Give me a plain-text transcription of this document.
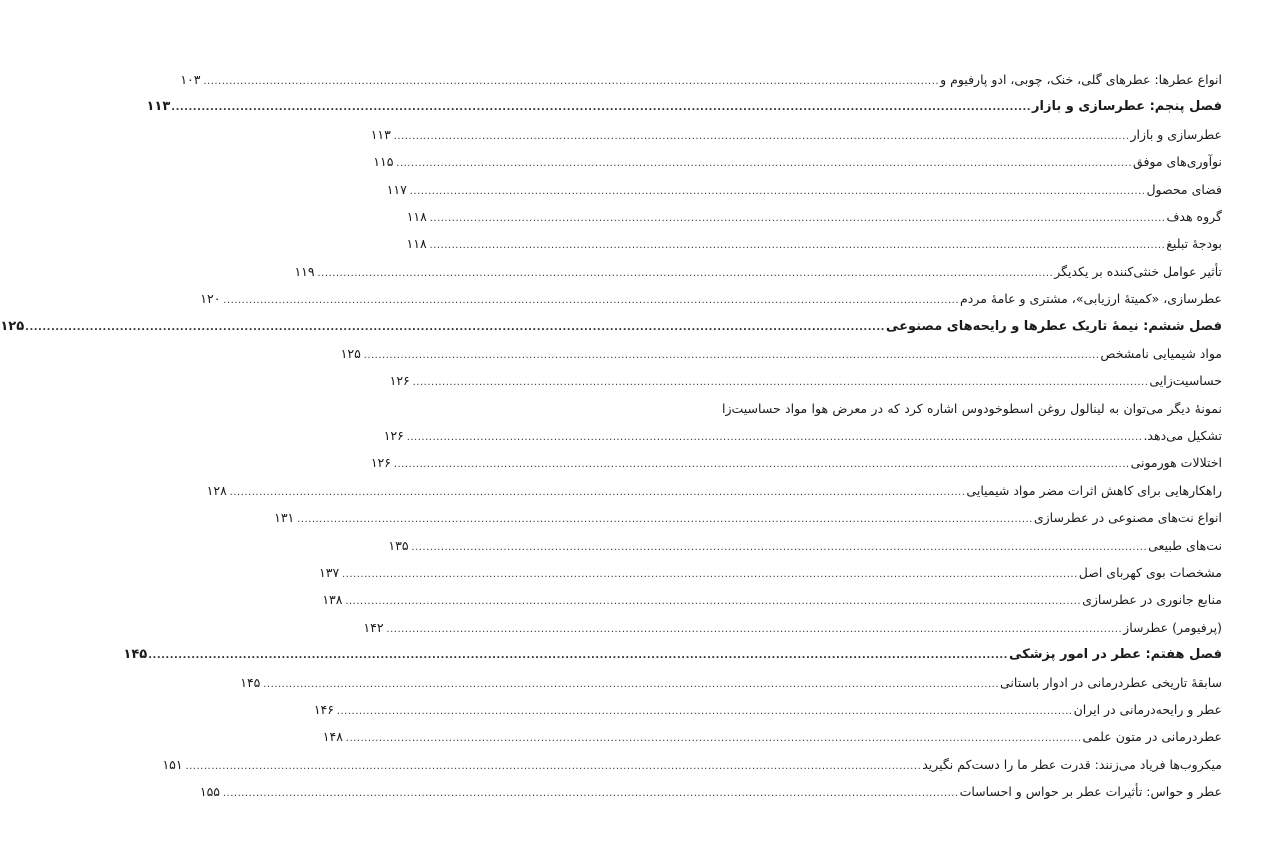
انواع عطرها: عطرهای گلی، خنک، چوبی، ادو پارفیوم و
........................................................................................................................................................................................................
۱۰۳
فصل پنجم: عطرسازی و بازار
........................................................................................................................................................................................................
۱۱۳
عطرسازی و بازار
........................................................................................................................................................................................................
۱۱۳
نوآوری‌های موفق
........................................................................................................................................................................................................
۱۱۵
فضای محصول
........................................................................................................................................................................................................
۱۱۷
گروه هدف
........................................................................................................................................................................................................
۱۱۸
بودجهٔ تبلیغ
........................................................................................................................................................................................................
۱۱۸
تأثیر عوامل خنثی‌کننده بر یکدیگر
........................................................................................................................................................................................................
۱۱۹
عطرسازی، «کمیتهٔ ارزیابی»، مشتری و عامهٔ مردم
........................................................................................................................................................................................................
۱۲۰
فصل ششم: نیمهٔ تاریک عطرها و رایحه‌های مصنوعی
........................................................................................................................................................................................................
۱۲۵
مواد شیمیایی نامشخص
........................................................................................................................................................................................................
۱۲۵
حساسیت‌زایی
........................................................................................................................................................................................................
۱۲۶
نمونهٔ دیگر می‌توان به لینالول روغن اسطوخودوس اشاره کرد که در معرض هوا مواد حساسیت‌زا
تشکیل می‌دهد.
........................................................................................................................................................................................................
۱۲۶
اختلالات هورمونی
........................................................................................................................................................................................................
۱۲۶
راهکارهایی برای کاهش اثرات مضر مواد شیمیایی
........................................................................................................................................................................................................
۱۲۸
انواع نت‌های مصنوعی در عطرسازی
........................................................................................................................................................................................................
۱۳۱
نت‌های طبیعی
........................................................................................................................................................................................................
۱۳۵
مشخصات بوی کهربای اصل
........................................................................................................................................................................................................
۱۳۷
منابع جانوری در عطرسازی
........................................................................................................................................................................................................
۱۳۸
(پرفیومر) عطرساز
........................................................................................................................................................................................................
۱۴۲
فصل هفتم: عطر در امور پزشکی
........................................................................................................................................................................................................
۱۴۵
سابقهٔ تاریخی عطردرمانی در ادوار باستانی
........................................................................................................................................................................................................
۱۴۵
عطر و رایحه‌درمانی در ایران
........................................................................................................................................................................................................
۱۴۶
عطردرمانی در متون علمی
........................................................................................................................................................................................................
۱۴۸
میکروب‌ها فریاد می‌زنند: قدرت عطر ما را دست‌کم نگیرید
........................................................................................................................................................................................................
۱۵۱
عطر و حواس: تأثیرات عطر بر حواس و احساسات
........................................................................................................................................................................................................
۱۵۵
